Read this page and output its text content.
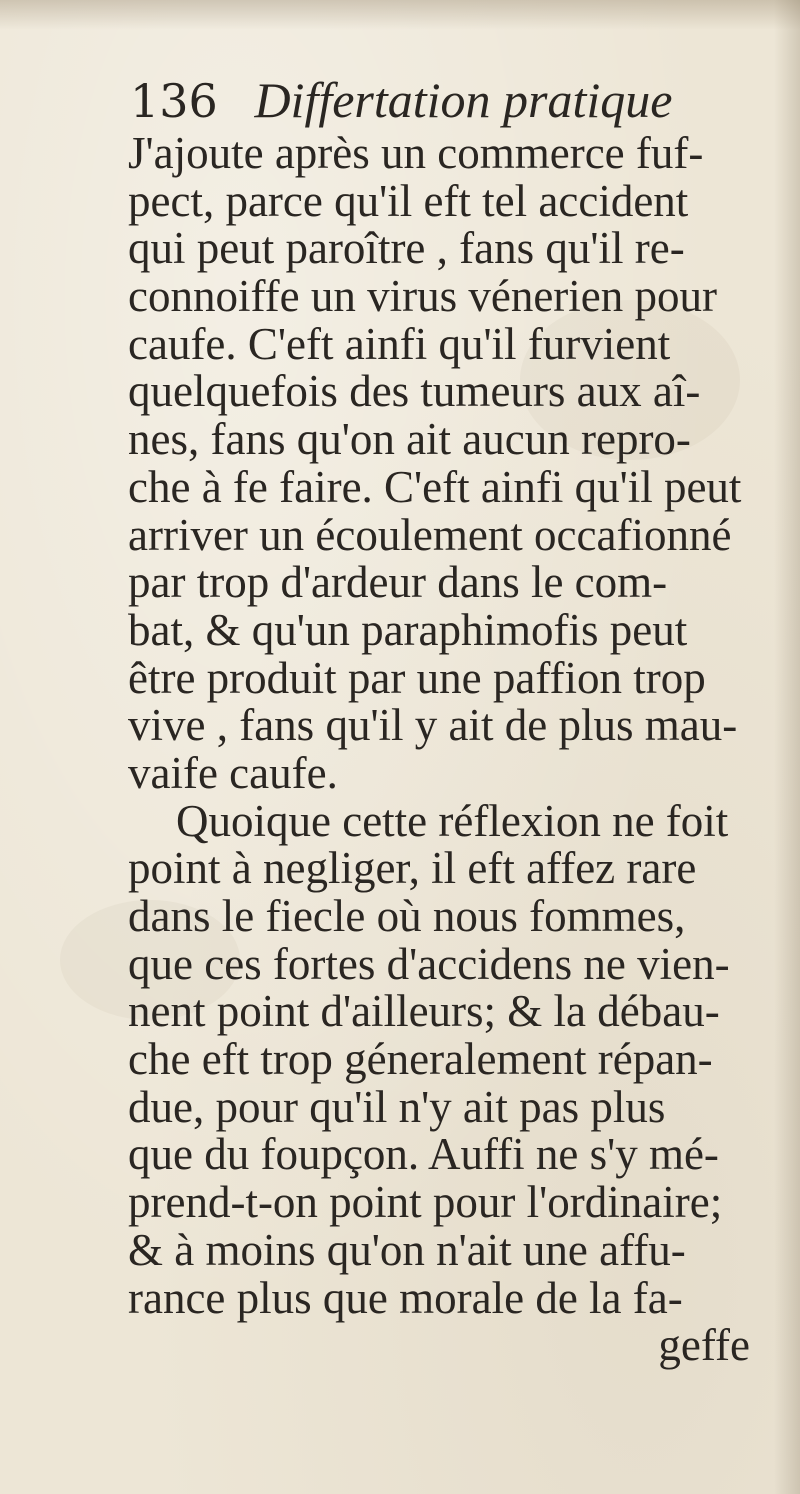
136 Differtation pratique
J'ajoute après un commerce fuf-
pect, parce qu'il eft tel accident
qui peut paroître , fans qu'il re-
connoiffe un virus vénerien pour
caufe. C'eft ainfi qu'il furvient
quelquefois des tumeurs aux aî-
nes, fans qu'on ait aucun repro-
che à fe faire. C'eft ainfi qu'il peut
arriver un écoulement occafionné
par trop d'ardeur dans le com-
bat, & qu'un paraphimofis peut
être produit par une paffion trop
vive , fans qu'il y ait de plus mau-
vaife caufe.
Quoique cette réflexion ne foit
point à negliger, il eft affez rare
dans le fiecle où nous fommes,
que ces fortes d'accidens ne vien-
nent point d'ailleurs; & la débau-
che eft trop géneralement répan-
due, pour qu'il n'y ait pas plus
que du foupçon. Auffi ne s'y mé-
prend-t-on point pour l'ordinaire;
& à moins qu'on n'ait une affu-
rance plus que morale de la fa-
geffe
